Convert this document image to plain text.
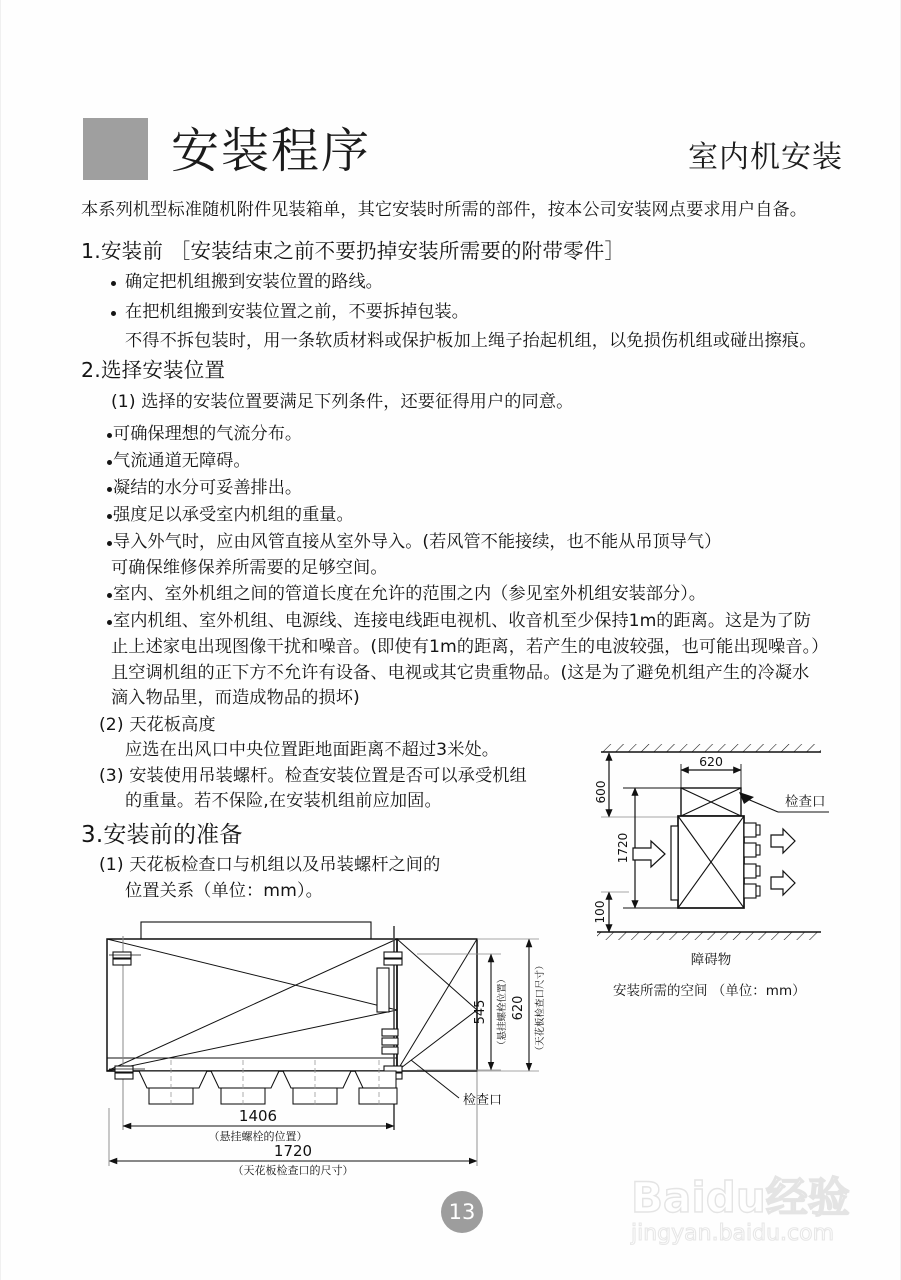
安装程序	室内机安装
本系列机型标准随机附件见装箱单，其它安装时所需的部件，按本公司安装网点要求用户自备。
1.安装前 ［安装结束之前不要扔掉安装所需要的附带零件］
确定把机组搬到安装位置的路线。
在把机组搬到安装位置之前，不要拆掉包装。
不得不拆包装时，用一条软质材料或保护板加上绳子抬起机组，以免损伤机组或碰出擦痕。
2.选择安装位置
(1) 选择的安装位置要满足下列条件，还要征得用户的同意。
可确保理想的气流分布。
气流通道无障碍。
凝结的水分可妥善排出。
强度足以承受室内机组的重量。
导入外气时，应由风管直接从室外导入。(若风管不能接续，也不能从吊顶导气）
可确保维修保养所需要的足够空间。
室内、室外机组之间的管道长度在允许的范围之内（参见室外机组安装部分）。
室内机组、室外机组、电源线、连接电线距电视机、收音机至少保持1m的距离。这是为了防
止上述家电出现图像干扰和噪音。(即使有1m的距离，若产生的电波较强，也可能出现噪音。）
且空调机组的正下方不允许有设备、电视或其它贵重物品。(这是为了避免机组产生的冷凝水
滴入物品里，而造成物品的损坏)
(2) 天花板高度
应选在出风口中央位置距地面距离不超过3米处。
(3) 安装使用吊装螺杆。检查安装位置是否可以承受机组
的重量。若不保险,在安装机组前应加固。
3.安装前的准备
(1) 天花板检查口与机组以及吊装螺杆之间的
位置关系（单位：mm）。
600
1720
100
620
检查口
障碍物
安装所需的空间 （单位：mm）
545 （悬挂螺栓位置） 620 （天花板检查口尺寸）
检查口
1406
（悬挂螺栓的位置）
1720
（天花板检查口的尺寸）
13	Baidu经验
jingyan.baidu.com
